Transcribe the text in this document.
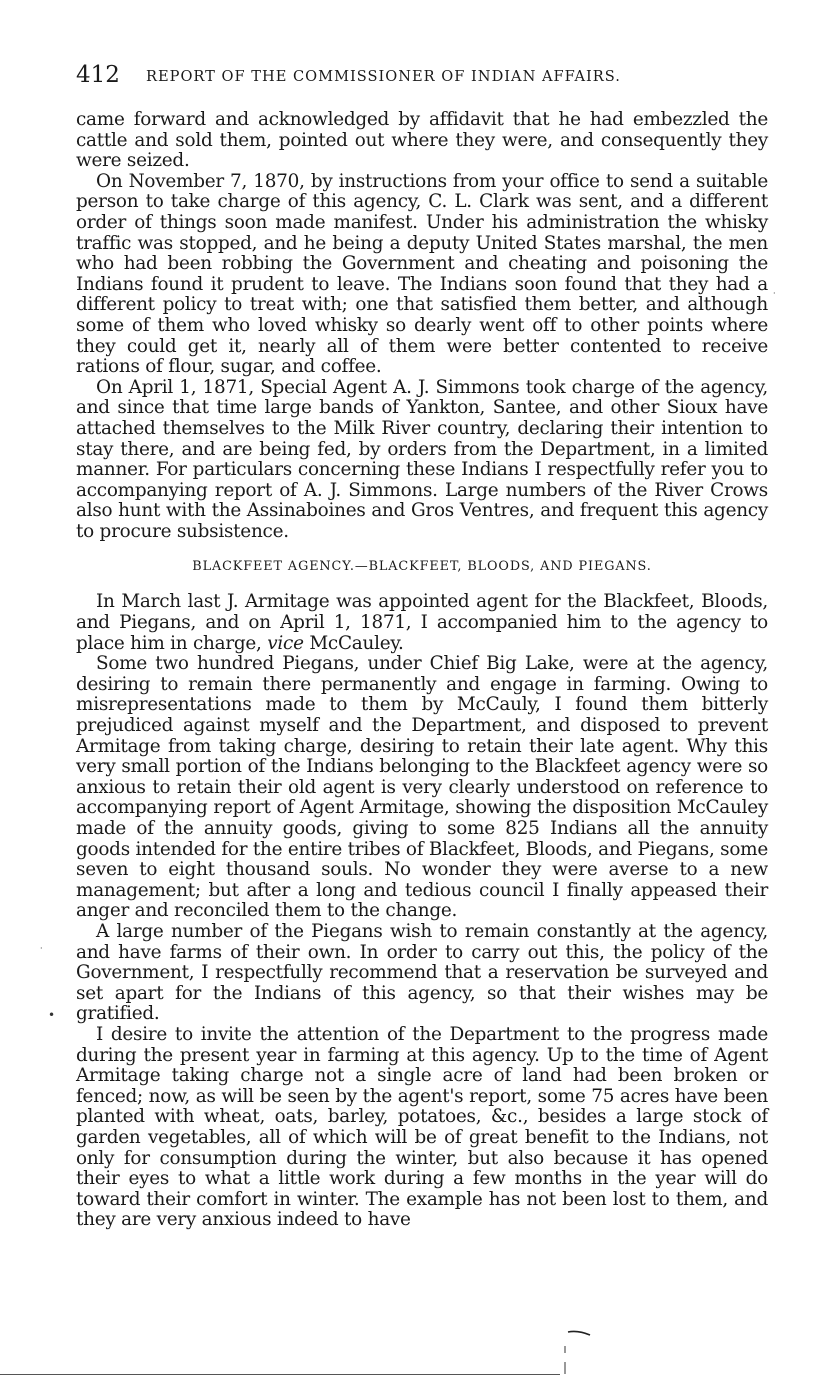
412 REPORT OF THE COMMISSIONER OF INDIAN AFFAIRS.

came forward and acknowledged by affidavit that he had embezzled the cattle and sold them, pointed out where they were, and consequently they were seized.

On November 7, 1870, by instructions from your office to send a suitable person to take charge of this agency, C. L. Clark was sent, and a different order of things soon made manifest. Under his administration the whisky traffic was stopped, and he being a deputy United States marshal, the men who had been robbing the Government and cheating and poisoning the Indians found it prudent to leave. The Indians soon found that they had a different policy to treat with; one that satisfied them better, and although some of them who loved whisky so dearly went off to other points where they could get it, nearly all of them were better contented to receive rations of flour, sugar, and coffee.

On April 1, 1871, Special Agent A. J. Simmons took charge of the agency, and since that time large bands of Yankton, Santee, and other Sioux have attached themselves to the Milk River country, declaring their intention to stay there, and are being fed, by orders from the Department, in a limited manner. For particulars concerning these Indians I respectfully refer you to accompanying report of A. J. Simmons. Large numbers of the River Crows also hunt with the Assinaboines and Gros Ventres, and frequent this agency to procure subsistence.

BLACKFEET AGENCY.—BLACKFEET, BLOODS, AND PIEGANS.

In March last J. Armitage was appointed agent for the Blackfeet, Bloods, and Piegans, and on April 1, 1871, I accompanied him to the agency to place him in charge, vice McCauley.

Some two hundred Piegans, under Chief Big Lake, were at the agency, desiring to remain there permanently and engage in farming. Owing to misrepresentations made to them by McCauly, I found them bitterly prejudiced against myself and the Department, and disposed to prevent Armitage from taking charge, desiring to retain their late agent. Why this very small portion of the Indians belonging to the Blackfeet agency were so anxious to retain their old agent is very clearly understood on reference to accompanying report of Agent Armitage, showing the disposition McCauley made of the annuity goods, giving to some 825 Indians all the annuity goods intended for the entire tribes of Blackfeet, Bloods, and Piegans, some seven to eight thousand souls. No wonder they were averse to a new management; but after a long and tedious council I finally appeased their anger and reconciled them to the change.

A large number of the Piegans wish to remain constantly at the agency, and have farms of their own. In order to carry out this, the policy of the Government, I respectfully recommend that a reservation be surveyed and set apart for the Indians of this agency, so that their wishes may be gratified.

I desire to invite the attention of the Department to the progress made during the present year in farming at this agency. Up to the time of Agent Armitage taking charge not a single acre of land had been broken or fenced; now, as will be seen by the agent's report, some 75 acres have been planted with wheat, oats, barley, potatoes, &c., besides a large stock of garden vegetables, all of which will be of great benefit to the Indians, not only for consumption during the winter, but also because it has opened their eyes to what a little work during a few months in the year will do toward their comfort in winter. The example has not been lost to them, and they are very anxious indeed to have

·
·
•
